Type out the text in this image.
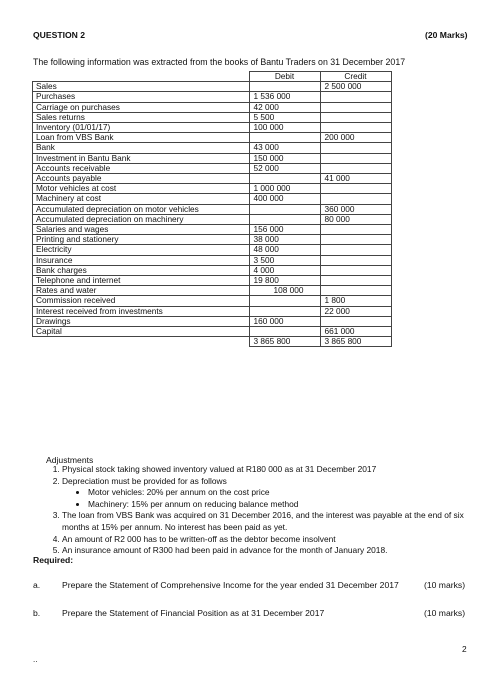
QUESTION 2	(20 Marks)
The following information was extracted from the books of Bantu Traders on 31 December 2017
	Debit	Credit
Sales		2 500 000
Purchases	1 536 000	
Carriage on purchases	42 000	
Sales returns	5 500	
Inventory (01/01/17)	100 000	
Loan from VBS Bank		200 000
Bank	43 000	
Investment in Bantu Bank	150 000	
Accounts receivable	52 000	
Accounts payable		41 000
Motor vehicles at cost	1 000 000	
Machinery at cost	400 000	
Accumulated depreciation on motor vehicles		360 000
Accumulated depreciation on machinery		80 000
Salaries and wages	156 000	
Printing and stationery	38 000	
Electricity	48 000	
Insurance	3 500	
Bank charges	4 000	
Telephone and internet	19 800	
Rates and water	108 000	
Commission received		1 800
Interest received from investments		22 000
Drawings	160 000	
Capital		661 000
	3 865 800	3 865 800
Adjustments
1. Physical stock taking showed inventory valued at R180 000 as at 31 December 2017
2. Depreciation must be provided for as follows
• Motor vehicles: 20% per annum on the cost price
• Machinery: 15% per annum on reducing balance method
3. The loan from VBS Bank was acquired on 31 December 2016, and the interest was payable at the end of six months at 15% per annum. No interest has been paid as yet.
4. An amount of R2 000 has to be written-off as the debtor become insolvent
5. An insurance amount of R300 had been paid in advance for the month of January 2018.
Required:
a.	Prepare the Statement of Comprehensive Income for the year ended 31 December 2017	(10 marks)
b.	Prepare the Statement of Financial Position as at 31 December 2017	(10 marks)
2
..
